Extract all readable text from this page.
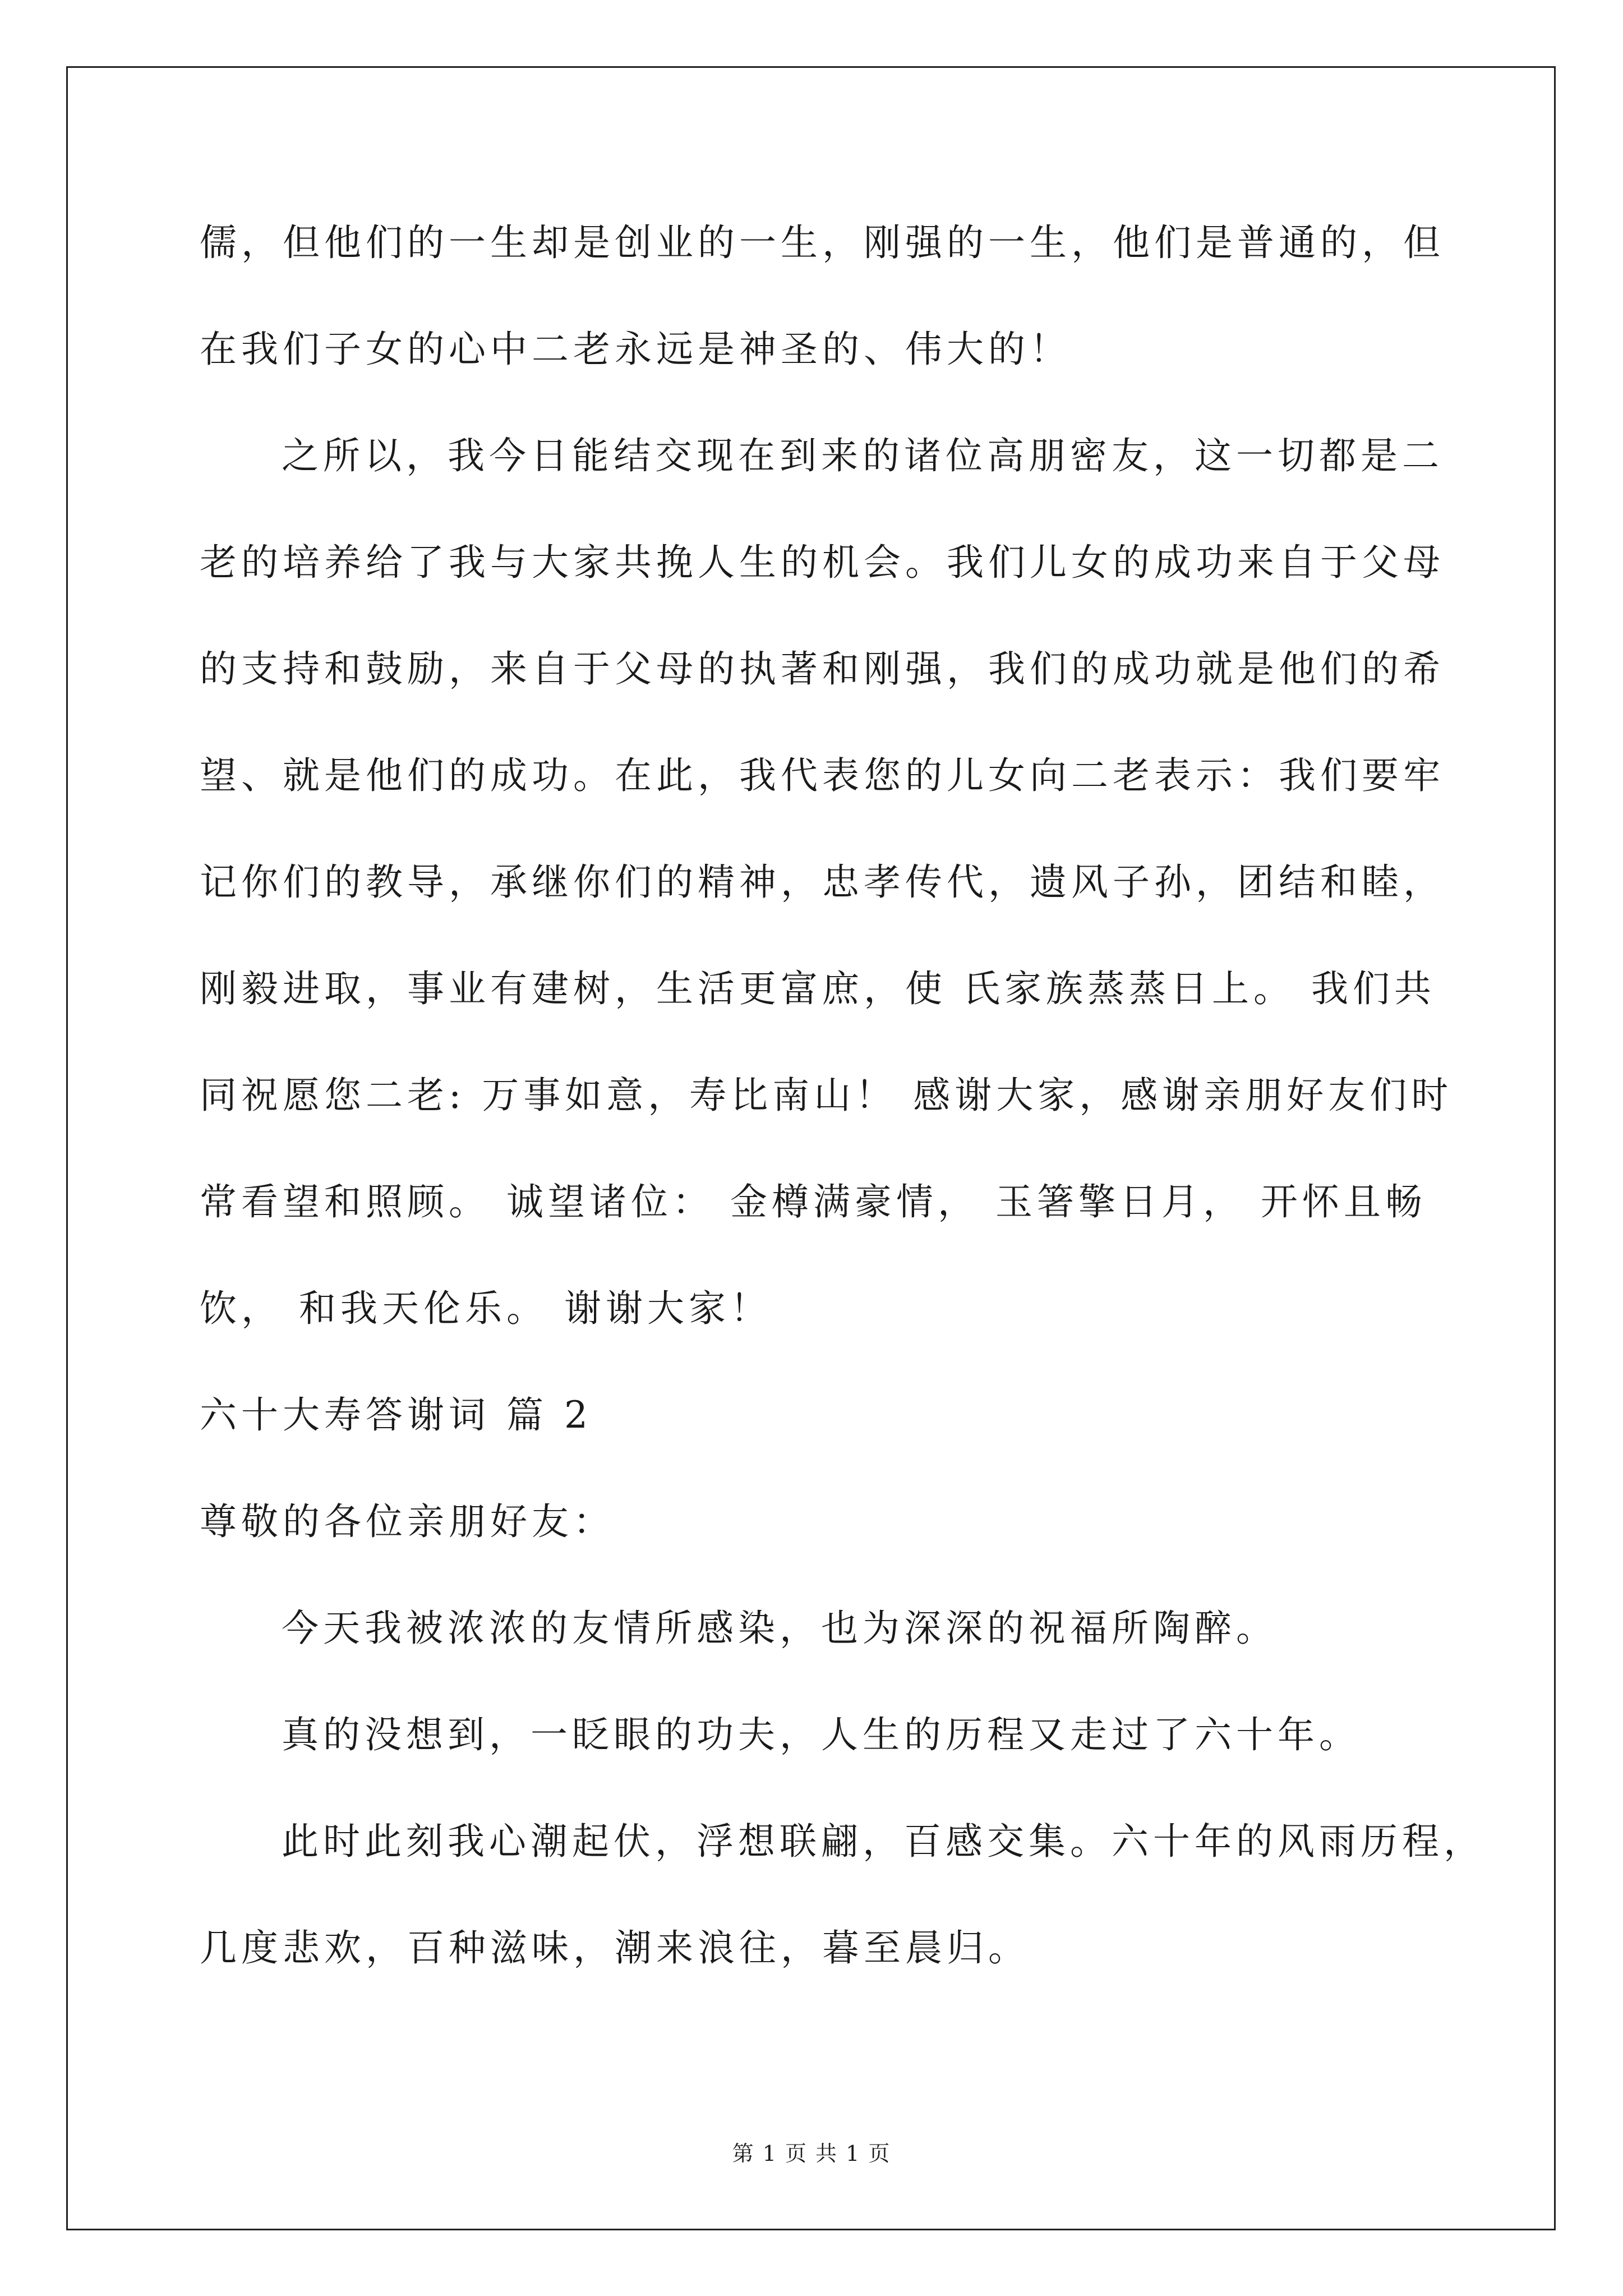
儒，但他们的一生却是创业的一生，刚强的一生，他们是普通的，但
在我们子女的心中二老永远是神圣的、伟大的！
之所以，我今日能结交现在到来的诸位高朋密友，这一切都是二
老的培养给了我与大家共挽人生的机会。我们儿女的成功来自于父母
的支持和鼓励，来自于父母的执著和刚强，我们的成功就是他们的希
望、就是他们的成功。在此，我代表您的儿女向二老表示：我们要牢
记你们的教导，承继你们的精神，忠孝传代，遗风子孙，团结和睦，
刚毅进取，事业有建树，生活更富庶，使 氏家族蒸蒸日上。 我们共
同祝愿您二老: 万事如意，寿比南山！ 感谢大家，感谢亲朋好友们时
常看望和照顾。 诚望诸位： 金樽满豪情， 玉箸擎日月， 开怀且畅
饮， 和我天伦乐。 谢谢大家！
六十大寿答谢词 篇 2
尊敬的各位亲朋好友：
今天我被浓浓的友情所感染，也为深深的祝福所陶醉。
真的没想到，一眨眼的功夫，人生的历程又走过了六十年。
此时此刻我心潮起伏，浮想联翩，百感交集。六十年的风雨历程，
几度悲欢，百种滋味，潮来浪往，暮至晨归。
第 1 页 共 1 页
